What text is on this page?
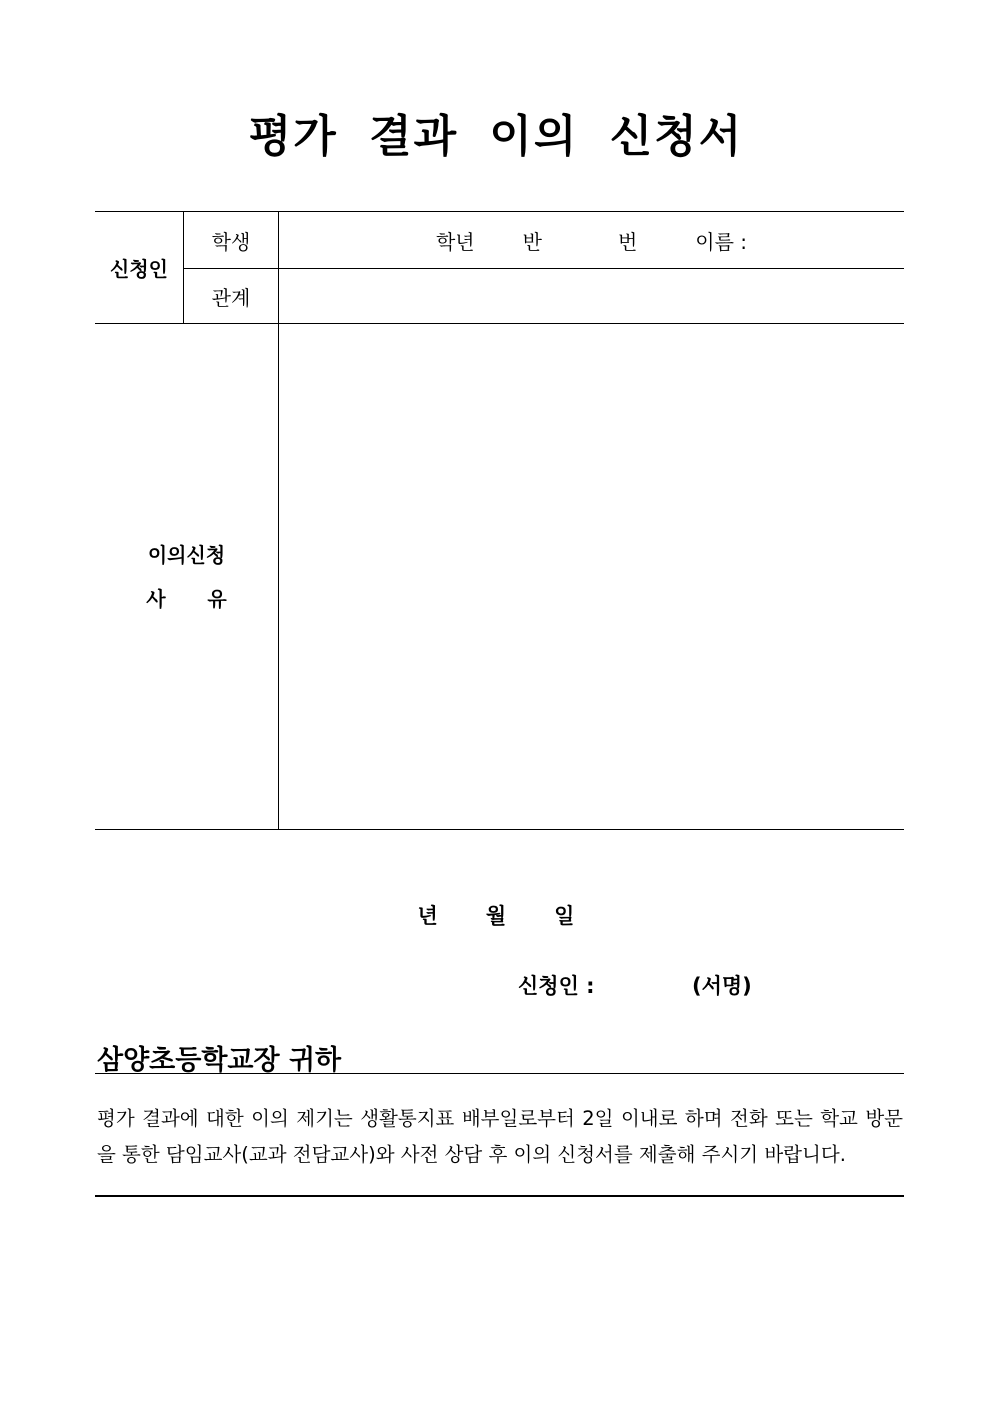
평가 결과 이의 신청서
신청인	학생	학년 반 번 이름 :
	관계	

이의신청
사      유		

년 월 일
신청인 :	(서명)
삼양초등학교장 귀하
평가 결과에 대한 이의 제기는 생활통지표 배부일로부터 2일 이내로 하며 전화 또는 학교 방문을 통한 담임교사(교과 전담교사)와 사전 상담 후 이의 신청서를 제출해 주시기 바랍니다.
